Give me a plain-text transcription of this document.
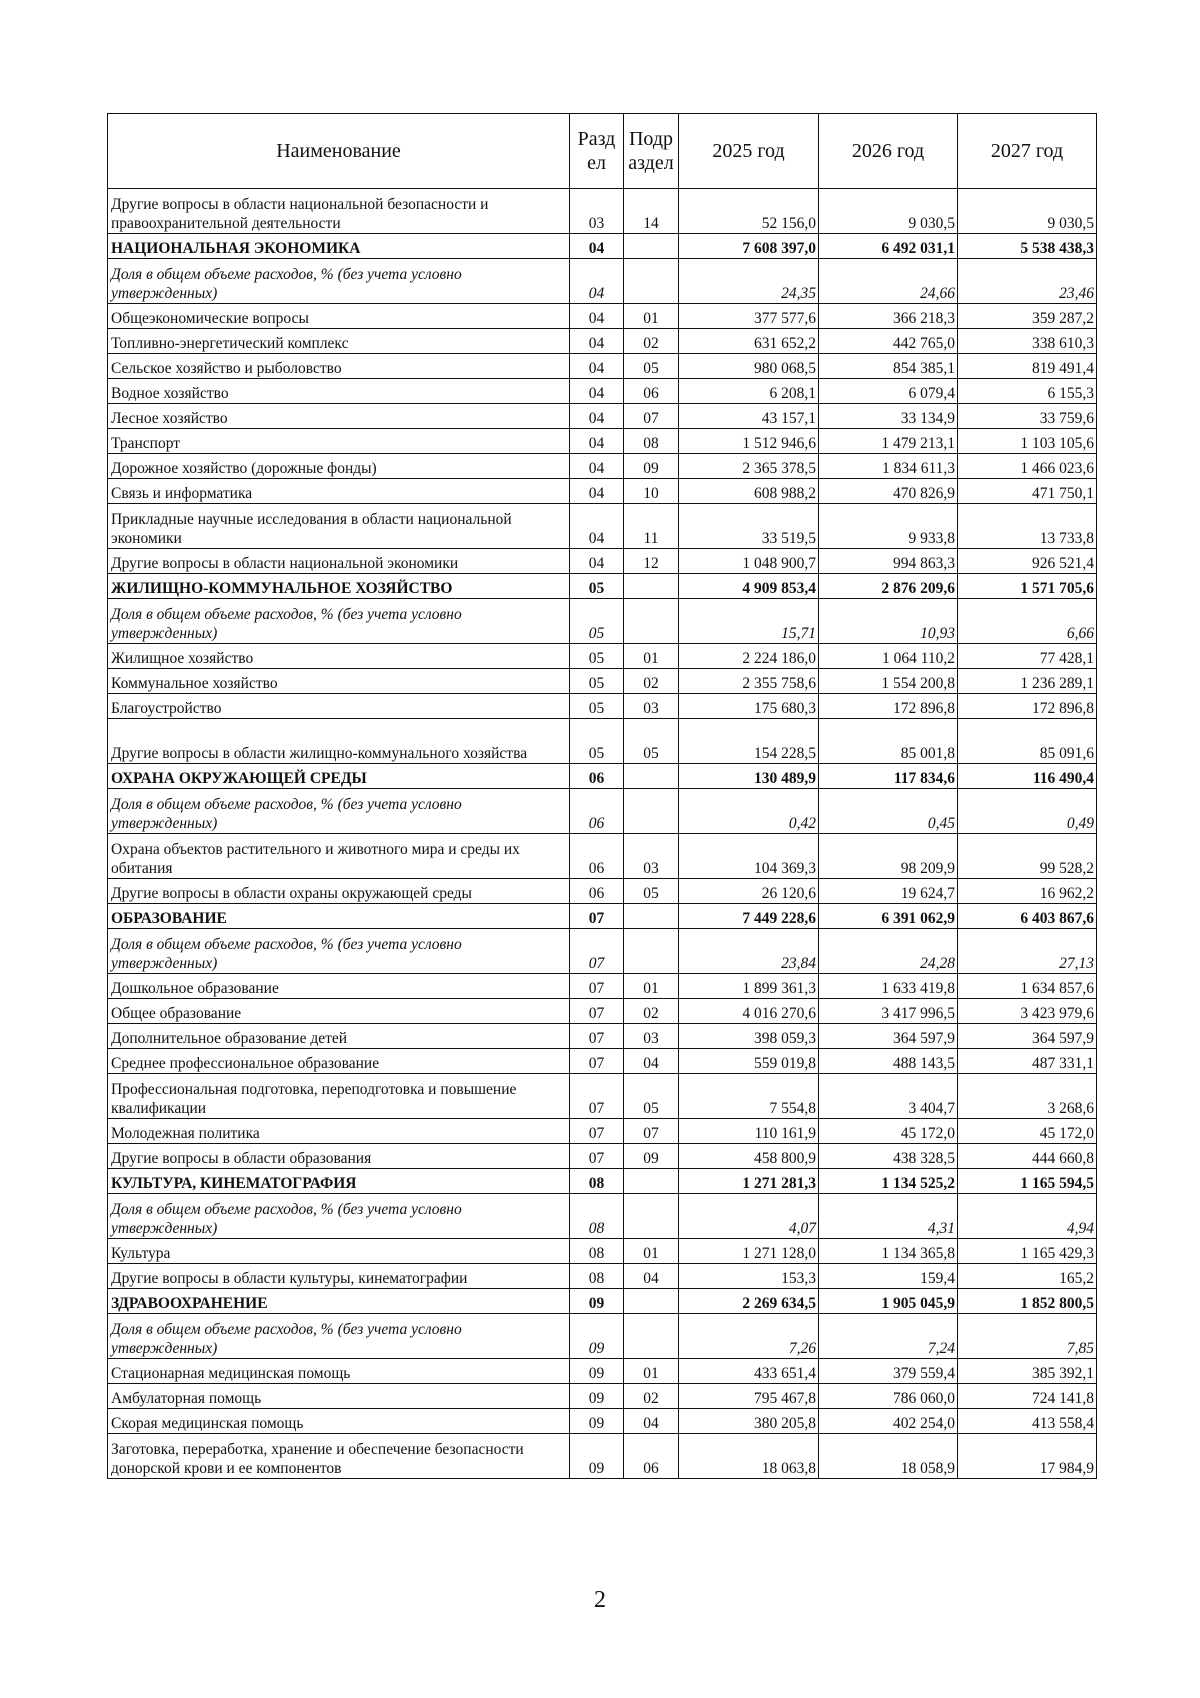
Наименование	Разд ел	Подр аздел	2025 год	2026 год	2027 год
Другие вопросы в области национальной безопасности и правоохранительной деятельности	03	14	52 156,0	9 030,5	9 030,5
НАЦИОНАЛЬНАЯ ЭКОНОМИКА	04		7 608 397,0	6 492 031,1	5 538 438,3
Доля в общем объеме расходов, % (без учета условно утвержденных)	04		24,35	24,66	23,46
Общеэкономические вопросы	04	01	377 577,6	366 218,3	359 287,2
Топливно-энергетический комплекс	04	02	631 652,2	442 765,0	338 610,3
Сельское хозяйство и рыболовство	04	05	980 068,5	854 385,1	819 491,4
Водное хозяйство	04	06	6 208,1	6 079,4	6 155,3
Лесное хозяйство	04	07	43 157,1	33 134,9	33 759,6
Транспорт	04	08	1 512 946,6	1 479 213,1	1 103 105,6
Дорожное хозяйство (дорожные фонды)	04	09	2 365 378,5	1 834 611,3	1 466 023,6
Связь и информатика	04	10	608 988,2	470 826,9	471 750,1
Прикладные научные исследования в области национальной экономики	04	11	33 519,5	9 933,8	13 733,8
Другие вопросы в области национальной экономики	04	12	1 048 900,7	994 863,3	926 521,4
ЖИЛИЩНО-КОММУНАЛЬНОЕ ХОЗЯЙСТВО	05		4 909 853,4	2 876 209,6	1 571 705,6
Доля в общем объеме расходов, % (без учета условно утвержденных)	05		15,71	10,93	6,66
Жилищное хозяйство	05	01	2 224 186,0	1 064 110,2	77 428,1
Коммунальное хозяйство	05	02	2 355 758,6	1 554 200,8	1 236 289,1
Благоустройство	05	03	175 680,3	172 896,8	172 896,8
Другие вопросы в области жилищно-коммунального хозяйства	05	05	154 228,5	85 001,8	85 091,6
ОХРАНА ОКРУЖАЮЩЕЙ СРЕДЫ	06		130 489,9	117 834,6	116 490,4
Доля в общем объеме расходов, % (без учета условно утвержденных)	06		0,42	0,45	0,49
Охрана объектов растительного и животного мира и среды их обитания	06	03	104 369,3	98 209,9	99 528,2
Другие вопросы в области охраны окружающей среды	06	05	26 120,6	19 624,7	16 962,2
ОБРАЗОВАНИЕ	07		7 449 228,6	6 391 062,9	6 403 867,6
Доля в общем объеме расходов, % (без учета условно утвержденных)	07		23,84	24,28	27,13
Дошкольное образование	07	01	1 899 361,3	1 633 419,8	1 634 857,6
Общее образование	07	02	4 016 270,6	3 417 996,5	3 423 979,6
Дополнительное образование детей	07	03	398 059,3	364 597,9	364 597,9
Среднее профессиональное образование	07	04	559 019,8	488 143,5	487 331,1
Профессиональная подготовка, переподготовка и повышение квалификации	07	05	7 554,8	3 404,7	3 268,6
Молодежная политика	07	07	110 161,9	45 172,0	45 172,0
Другие вопросы в области образования	07	09	458 800,9	438 328,5	444 660,8
КУЛЬТУРА, КИНЕМАТОГРАФИЯ	08		1 271 281,3	1 134 525,2	1 165 594,5
Доля в общем объеме расходов, % (без учета условно утвержденных)	08		4,07	4,31	4,94
Культура	08	01	1 271 128,0	1 134 365,8	1 165 429,3
Другие вопросы в области культуры, кинематографии	08	04	153,3	159,4	165,2
ЗДРАВООХРАНЕНИЕ	09		2 269 634,5	1 905 045,9	1 852 800,5
Доля в общем объеме расходов, % (без учета условно утвержденных)	09		7,26	7,24	7,85
Стационарная медицинская помощь	09	01	433 651,4	379 559,4	385 392,1
Амбулаторная помощь	09	02	795 467,8	786 060,0	724 141,8
Скорая медицинская помощь	09	04	380 205,8	402 254,0	413 558,4
Заготовка, переработка, хранение и обеспечение безопасности донорской крови и ее компонентов	09	06	18 063,8	18 058,9	17 984,9
2
